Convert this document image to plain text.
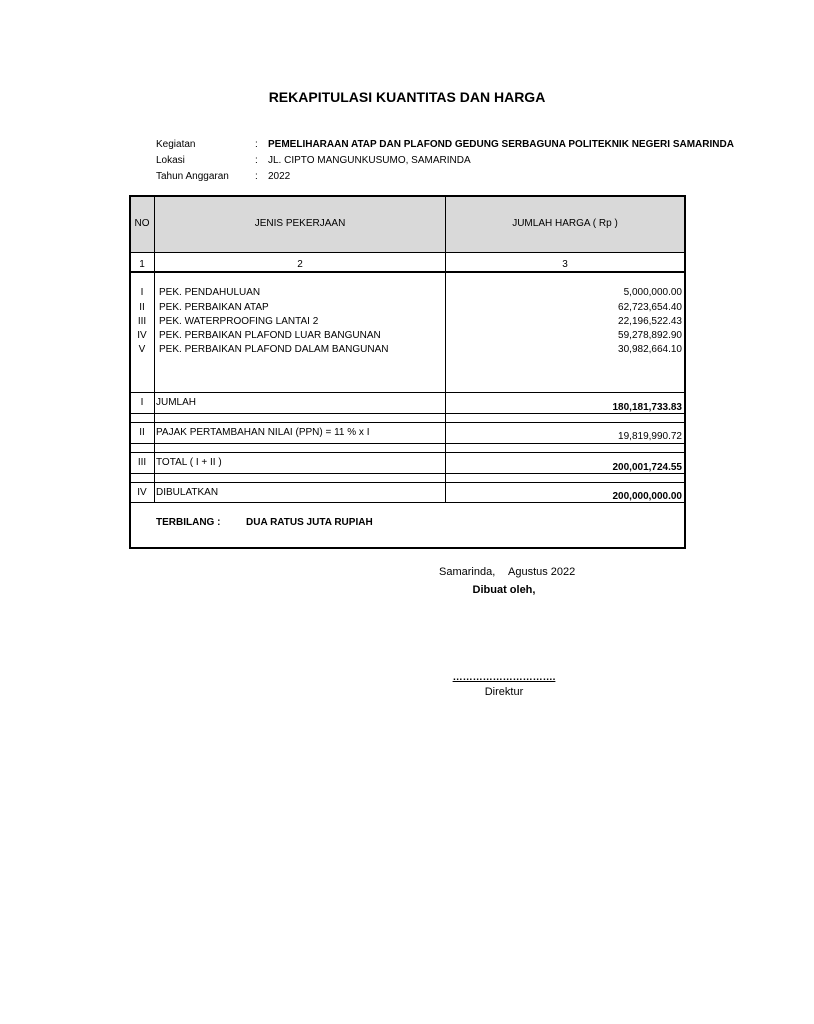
REKAPITULASI KUANTITAS DAN HARGA
Kegiatan	: PEMELIHARAAN ATAP DAN PLAFOND GEDUNG SERBAGUNA POLITEKNIK NEGERI SAMARINDA
Lokasi	: JL. CIPTO MANGUNKUSUMO, SAMARINDA
Tahun Anggaran	: 2022
NO	JENIS PEKERJAAN	JUMLAH HARGA ( Rp )
1	2	3
I	PEK. PENDAHULUAN	5,000,000.00
II	PEK. PERBAIKAN ATAP	62,723,654.40
III	PEK. WATERPROOFING LANTAI 2	22,196,522.43
IV	PEK. PERBAIKAN PLAFOND LUAR BANGUNAN	59,278,892.90
V	PEK. PERBAIKAN PLAFOND DALAM BANGUNAN	30,982,664.10
I	JUMLAH	180,181,733.83
II	PAJAK PERTAMBAHAN NILAI (PPN) = 11 % x I	19,819,990.72
III TOTAL ( I + II )	200,001,724.55
IV DIBULATKAN	200,000,000.00
TERBILANG :	DUA RATUS JUTA RUPIAH
Samarinda, Agustus 2022
Dibuat oleh,
………………………….
Direktur
